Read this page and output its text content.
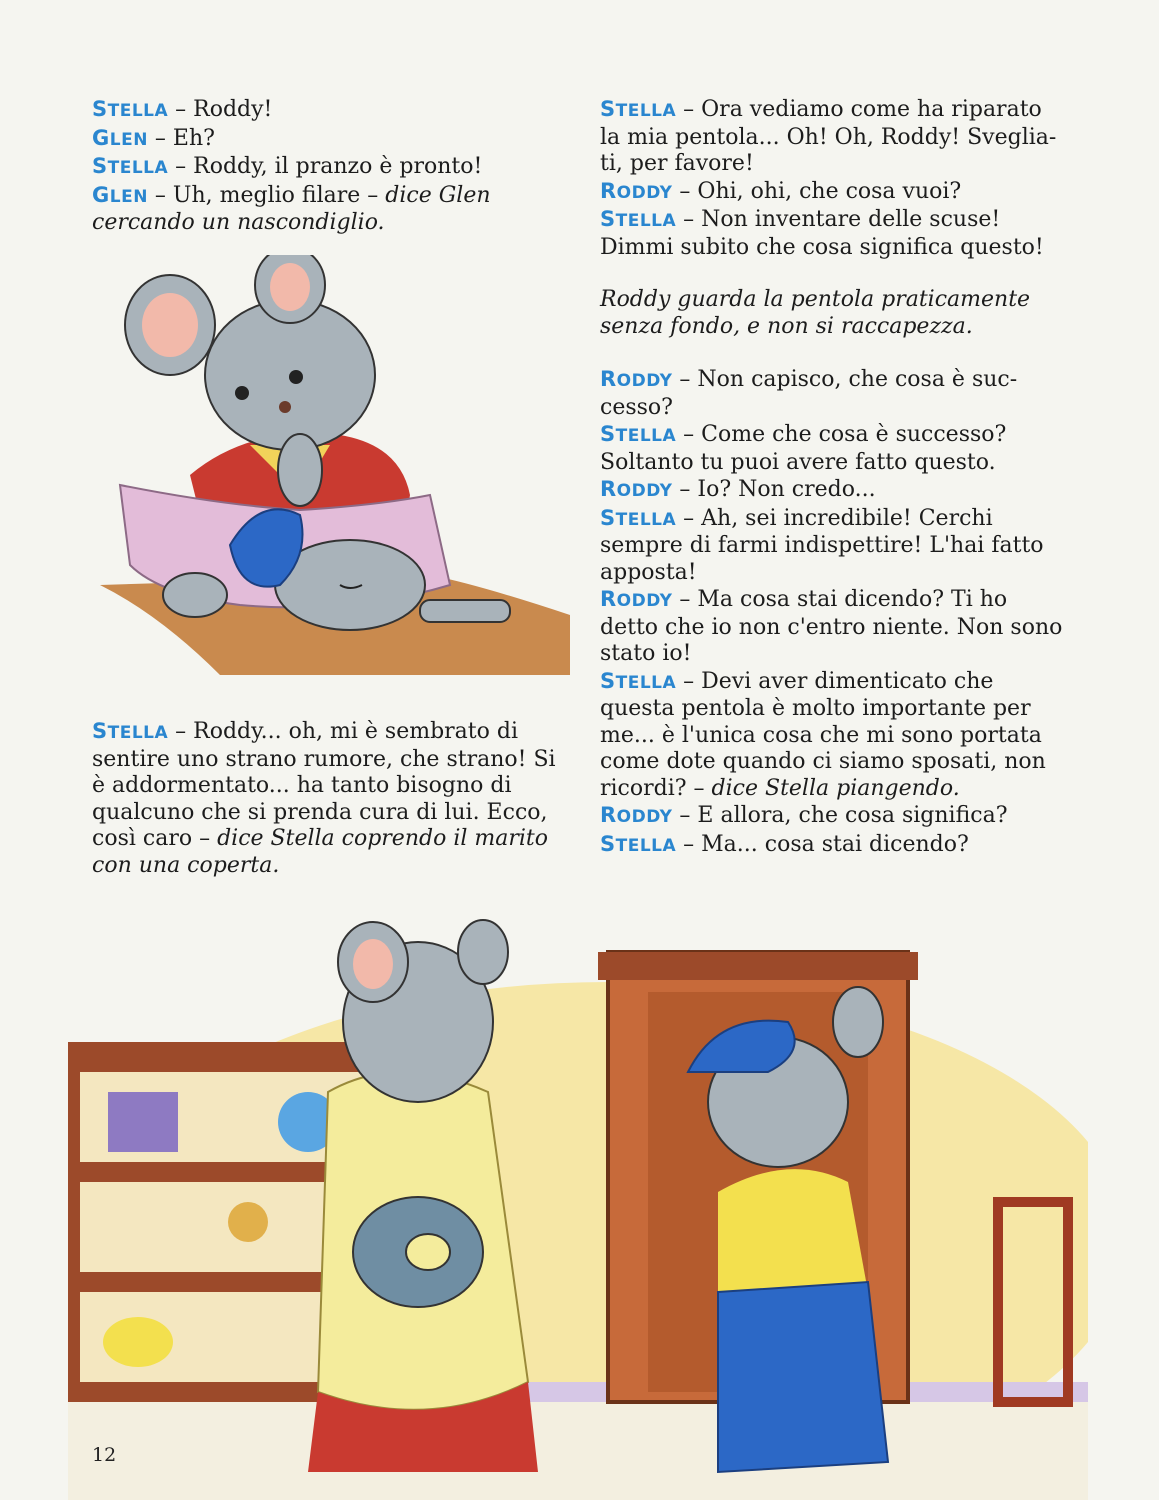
STELLA – Roddy!
GLEN – Eh?
STELLA – Roddy, il pranzo è pronto!
GLEN – Uh, meglio filare – dice Glen
cercando un nascondiglio.
STELLA – Roddy... oh, mi è sembrato di
sentire uno strano rumore, che strano! Si
è addormentato... ha tanto bisogno di
qualcuno che si prenda cura di lui. Ecco,
così caro – dice Stella coprendo il marito
con una coperta.
STELLA – Ora vediamo come ha riparato
la mia pentola... Oh! Oh, Roddy! Sveglia-
ti, per favore!
RODDY – Ohi, ohi, che cosa vuoi?
STELLA – Non inventare delle scuse!
Dimmi subito che cosa significa questo!
Roddy guarda la pentola praticamente
senza fondo, e non si raccapezza.
RODDY – Non capisco, che cosa è suc-
cesso?
STELLA – Come che cosa è successo?
Soltanto tu puoi avere fatto questo.
RODDY – Io? Non credo...
STELLA – Ah, sei incredibile! Cerchi
sempre di farmi indispettire! L'hai fatto
apposta!
RODDY – Ma cosa stai dicendo? Ti ho
detto che io non c'entro niente. Non sono
stato io!
STELLA – Devi aver dimenticato che
questa pentola è molto importante per
me... è l'unica cosa che mi sono portata
come dote quando ci siamo sposati, non
ricordi? – dice Stella piangendo.
RODDY – E allora, che cosa significa?
STELLA – Ma... cosa stai dicendo?
12
